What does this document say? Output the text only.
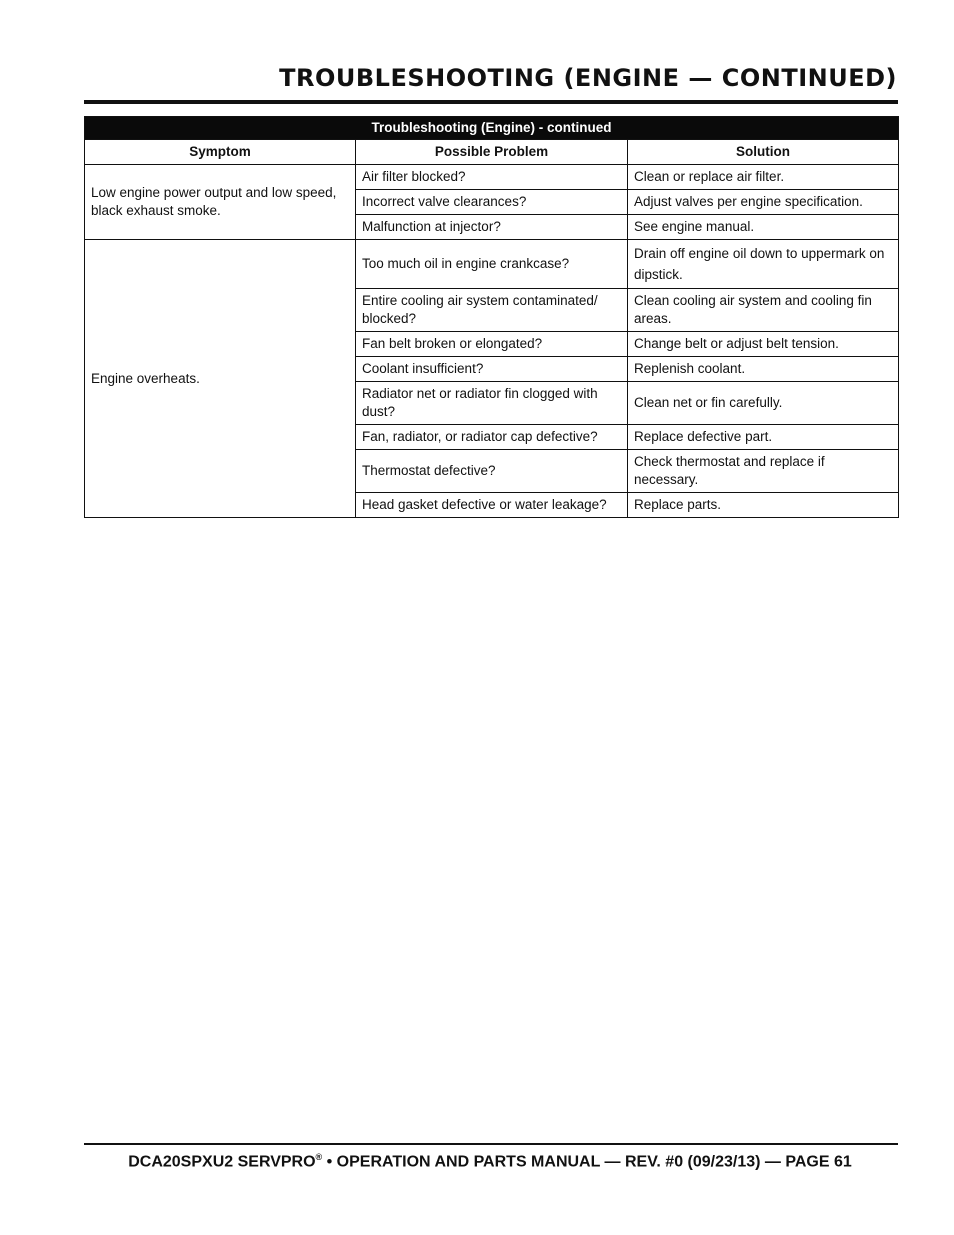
TROUBLESHOOTING (ENGINE — CONTINUED)
Troubleshooting (Engine) - continued		
Symptom	Possible Problem	Solution
Low engine power output and low speed, black exhaust smoke.	Air filter blocked?	Clean or replace air filter.
	Incorrect valve clearances?	Adjust valves per engine specification.
	Malfunction at injector?	See engine manual.
Engine overheats.	Too much oil in engine crankcase?	Drain off engine oil down to uppermark on dipstick.
	Entire cooling air system contaminated/ blocked?	Clean cooling air system and cooling fin areas.
	Fan belt broken or elongated?	Change belt or adjust belt tension.
	Coolant insufficient?	Replenish coolant.
	Radiator net or radiator fin clogged with dust?	Clean net or fin carefully.
	Fan, radiator, or radiator cap defective?	Replace defective part.
	Thermostat defective?	Check thermostat and replace if necessary.
	Head gasket defective or water leakage?	Replace parts.
DCA20SPXU2 SERVPRO® • OPERATION AND PARTS MANUAL — REV. #0 (09/23/13) — PAGE 61
